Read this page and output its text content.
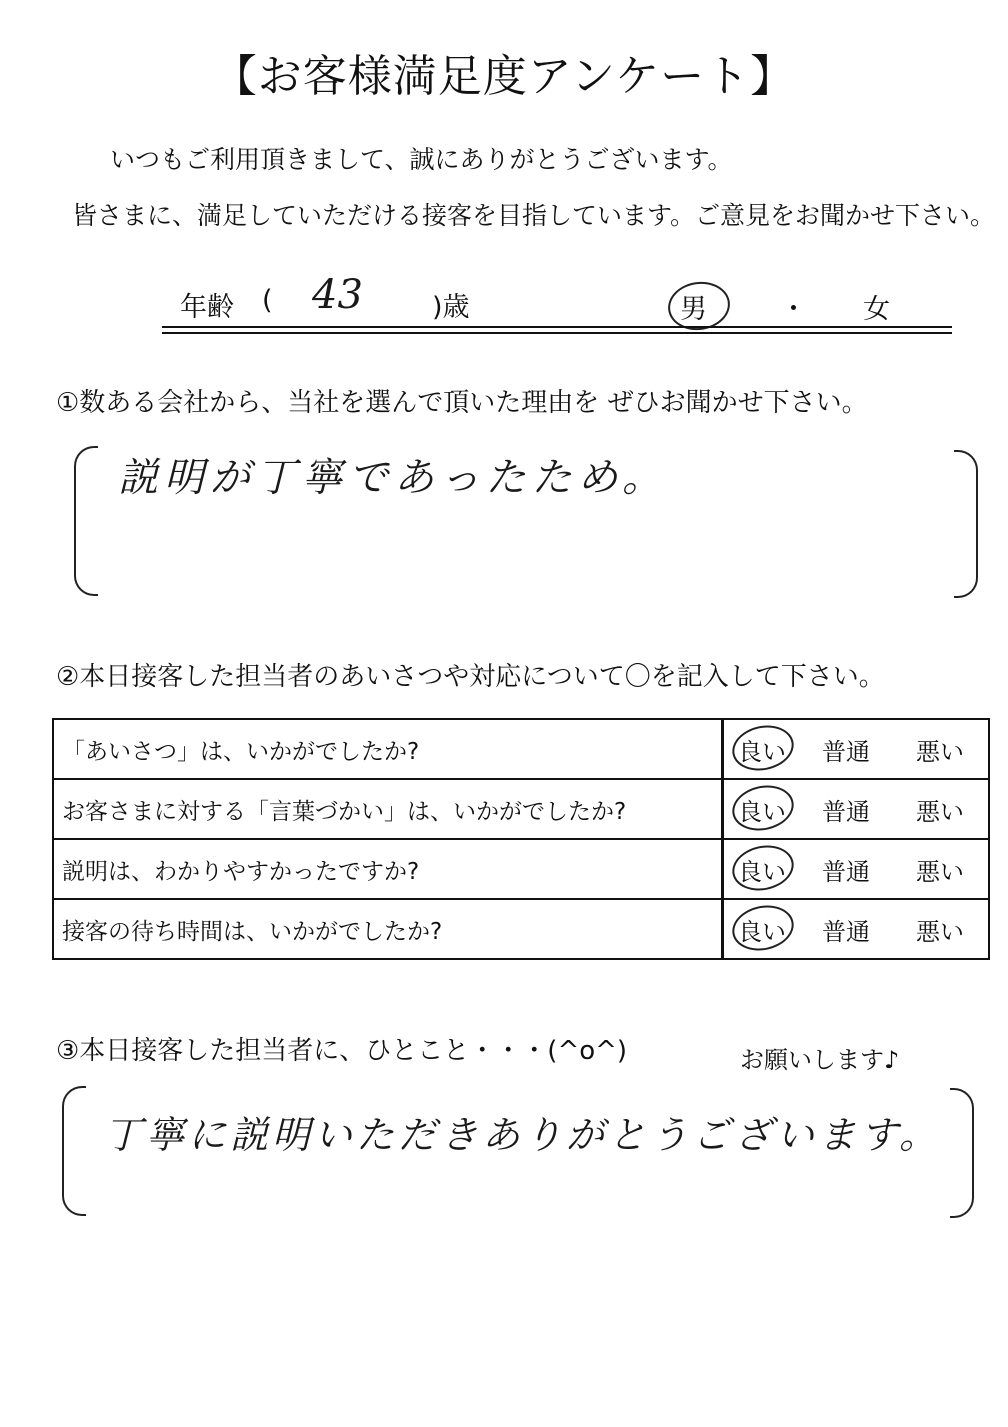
【お客様満足度アンケート】
いつもご利用頂きまして、誠にありがとうございます。
皆さまに、満足していただける接客を目指しています。ご意見をお聞かせ下さい。
年齢 ( 43	)歳	男	・ 女
①数ある会社から、当社を選んで頂いた理由を ぜひお聞かせ下さい。
説明が丁寧であったため。
②本日接客した担当者のあいさつや対応について〇を記入して下さい。
「あいさつ」は、いかがでしたか?	良い 普通 悪い

お客さまに対する「言葉づかい」は、いかがでしたか?	良い 普通 悪い

説明は、わかりやすかったですか?	良い 普通 悪い

接客の待ち時間は、いかがでしたか?	良い 普通 悪い
③本日接客した担当者に、ひとこと・・・(^o^)	お願いします♪
丁寧に説明いただきありがとうございます。
